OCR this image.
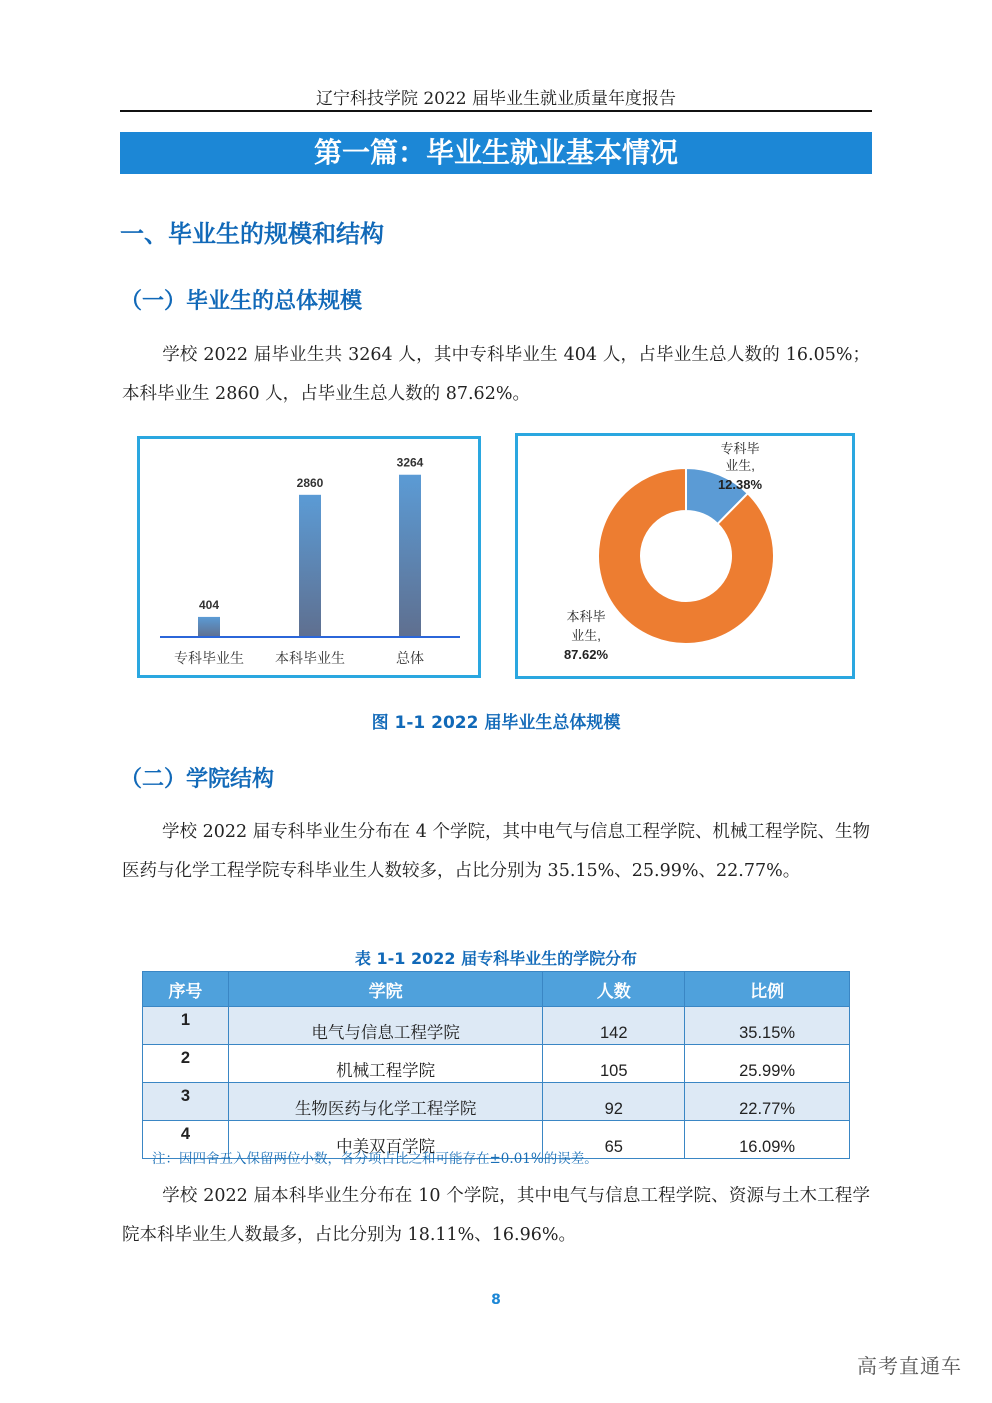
辽宁科技学院 2022 届毕业生就业质量年度报告
第一篇：毕业生就业基本情况
一、毕业生的规模和结构
（一）毕业生的总体规模
学校 2022 届毕业生共 3264 人，其中专科毕业生 404 人，占毕业生总人数的 16.05%；本科毕业生 2860 人，占毕业生总人数的 87.62%。
404
专科毕业生
2860
本科毕业生
3264
总体
专科毕
业生,
12.38%
本科毕
业生,
87.62%
图 1-1 2022 届毕业生总体规模
（二）学院结构
学校 2022 届专科毕业生分布在 4 个学院，其中电气与信息工程学院、机械工程学院、生物医药与化学工程学院专科毕业生人数较多，占比分别为 35.15%、25.99%、22.77%。
表 1-1 2022 届专科毕业生的学院分布
序号	学院	人数	比例
1	电气与信息工程学院	142	35.15%
2	机械工程学院	105	25.99%
3	生物医药与化学工程学院	92	22.77%
4	中美双百学院	65	16.09%
注：因四舍五入保留两位小数，各分项占比之和可能存在±0.01%的误差。
学校 2022 届本科毕业生分布在 10 个学院，其中电气与信息工程学院、资源与土木工程学院本科毕业生人数最多，占比分别为 18.11%、16.96%。
8
高考直通车
